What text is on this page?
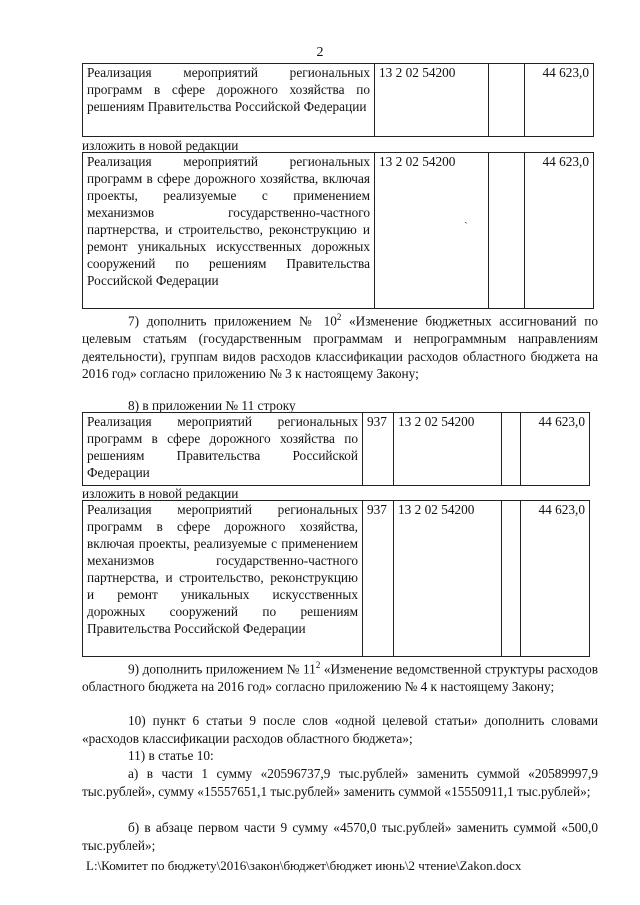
2
Реализация мероприятий региональных программ в сфере дорожного хозяйства по решениям Правительства Российской Федерации	13 2 02 54200		44 623,0
изложить в новой редакции
Реализация мероприятий региональных программ в сфере дорожного хозяйства, включая проекты, реализуемые с применением механизмов государственно-частного партнерства, и строительство, реконструкцию и ремонт уникальных искусственных дорожных сооружений по решениям Правительства Российской Федерации	13 2 02 54200		44 623,0
ˎ
7) дополнить приложением № $10^2$ «Изменение бюджетных ассигнований по целевым статьям (государственным программам и непрограммным направлениям деятельности), группам видов расходов классификации расходов областного бюджета на 2016 год» согласно приложению № 3 к настоящему Закону;
8) в приложении № 11 строку
Реализация мероприятий региональных программ в сфере дорожного хозяйства по решениям Правительства Российской Федерации	937	13 2 02 54200		44 623,0
изложить в новой редакции
Реализация мероприятий региональных программ в сфере дорожного хозяйства, включая проекты, реализуемые с применением механизмов государственно-частного партнерства, и строительство, реконструкцию и ремонт уникальных искусственных дорожных сооружений по решениям Правительства Российской Федерации	937	13 2 02 54200		44 623,0
9) дополнить приложением № $11^2$ «Изменение ведомственной структуры расходов областного бюджета на 2016 год» согласно приложению № 4 к настоящему Закону;
10) пункт 6 статьи 9 после слов «одной целевой статьи» дополнить словами «расходов классификации расходов областного бюджета»;
11) в статье 10:
а) в части 1 сумму «20596737,9 тыс.рублей» заменить суммой «20589997,9 тыс.рублей», сумму «15557651,1 тыс.рублей» заменить суммой «15550911,1 тыс.рублей»;
б) в абзаце первом части 9 сумму «4570,0 тыс.рублей» заменить суммой «500,0 тыс.рублей»;
L:\Комитет по бюджету\2016\закон\бюджет\бюджет июнь\2 чтение\Zakon.docx
